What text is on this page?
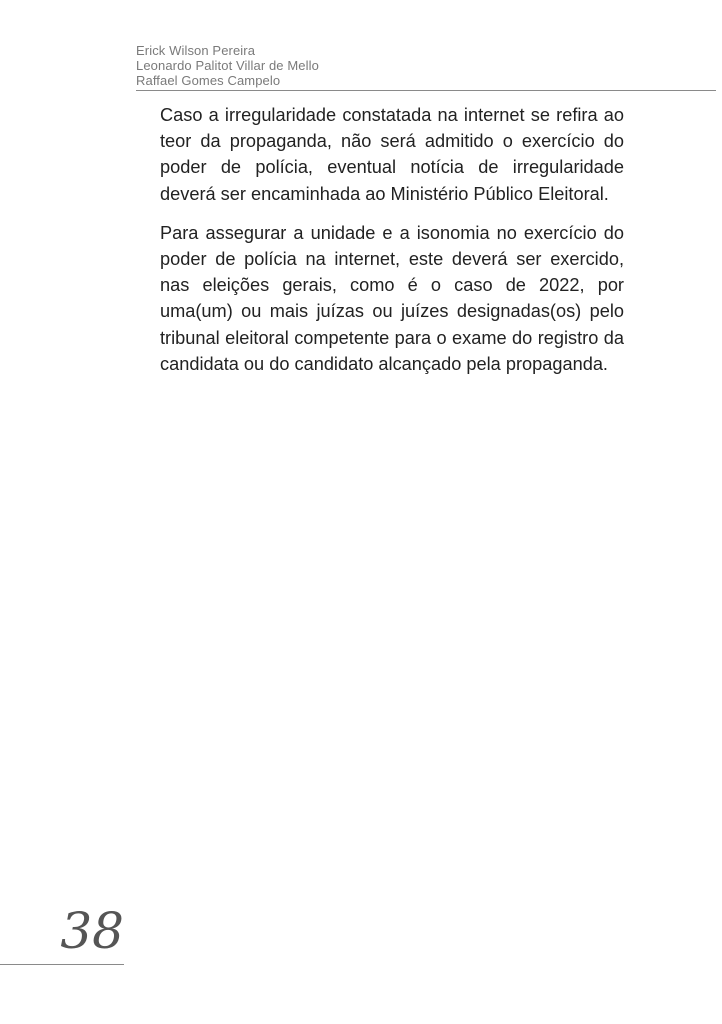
Erick Wilson Pereira
Leonardo Palitot Villar de Mello
Raffael Gomes Campelo

Caso a irregularidade constatada na internet se refira ao teor da propaganda, não será admitido o exercício do poder de polícia, eventual notícia de irregularidade deverá ser encaminhada ao Ministério Público Eleitoral.

Para assegurar a unidade e a isonomia no exercício do poder de polícia na internet, este deverá ser exercido, nas eleições gerais, como é o caso de 2022, por uma(um) ou mais juízas ou juízes designadas(os) pelo tribunal eleitoral competente para o exame do registro da candidata ou do candidato alcançado pela propaganda.

38
